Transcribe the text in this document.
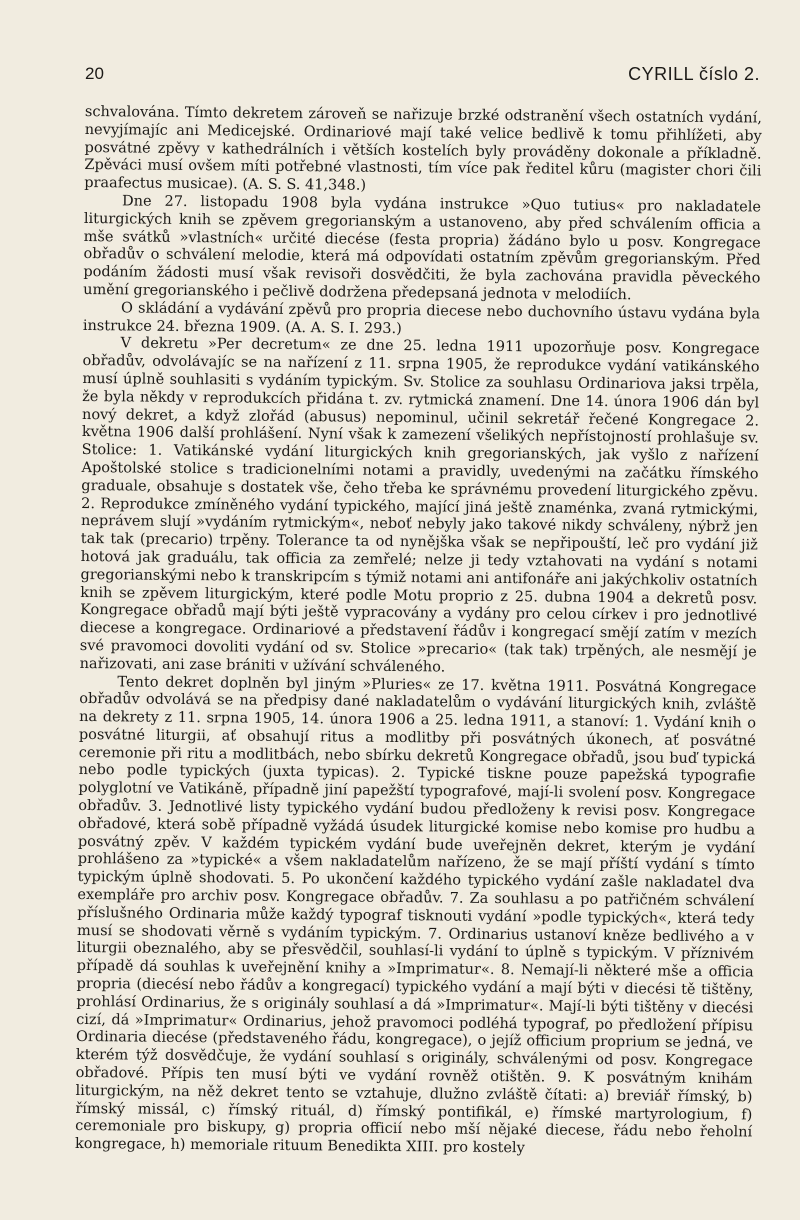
20	CYRILL číslo 2.

schvalována. Tímto dekretem zároveň se nařizuje brzké odstranění všech ostatních vydání, nevyjímajíc ani Medicejské. Ordinariové mají také velice bedlivě k tomu přihlížeti, aby posvátné zpěvy v kathedrálních i větších kostelích byly prováděny dokonale a příkladně. Zpěváci musí ovšem míti potřebné vlastnosti, tím více pak ředitel kůru (magister chori čili praafectus musicae). (A. S. S. 41,348.)

Dne 27. listopadu 1908 byla vydána instrukce »Quo tutius« pro nakladatele liturgických knih se zpěvem gregorianským a ustanoveno, aby před schválením officia a mše svátků »vlastních« určité diecése (festa propria) žádáno bylo u posv. Kongregace obřadův o schválení melodie, která má odpovídati ostatním zpěvům gregorianským. Před podáním žádosti musí však revisoři dosvědčiti, že byla zachována pravidla pěveckého umění gregorianského i pečlivě dodržena předepsaná jednota v melodiích.

O skládání a vydávání zpěvů pro propria diecese nebo duchovního ústavu vydána byla instrukce 24. března 1909. (A. A. S. I. 293.)

V dekretu »Per decretum« ze dne 25. ledna 1911 upozorňuje posv. Kongregace obřadův, odvolávajíc se na nařízení z 11. srpna 1905, že reprodukce vydání vatikánského musí úplně souhlasiti s vydáním typickým. Sv. Stolice za souhlasu Ordinariova jaksi trpěla, že byla někdy v reprodukcích přidána t. zv. rytmická znamení. Dne 14. února 1906 dán byl nový dekret, a když zlořád (abusus) nepominul, učinil sekretář řečené Kongregace 2. května 1906 další prohlášení. Nyní však k zamezení všelikých nepřístojností prohlašuje sv. Stolice: 1. Vatikánské vydání liturgických knih gregorianských, jak vyšlo z nařízení Apoštolské stolice s tradicionelními notami a pravidly, uvedenými na začátku římského graduale, obsahuje s dostatek vše, čeho třeba ke správnému provedení liturgického zpěvu. 2. Reprodukce zmíněného vydání typického, mající jiná ještě znaménka, zvaná rytmickými, neprávem slují »vydáním rytmickým«, neboť nebyly jako takové nikdy schváleny, nýbrž jen tak tak (precario) trpěny. Tolerance ta od nynějška však se nepřipouští, leč pro vydání již hotová jak graduálu, tak officia za zemřelé; nelze ji tedy vztahovati na vydání s notami gregorianskými nebo k transkripcím s týmiž notami ani antifonáře ani jakýchkoliv ostatních knih se zpěvem liturgickým, které podle Motu proprio z 25. dubna 1904 a dekretů posv. Kongregace obřadů mají býti ještě vypracovány a vydány pro celou církev i pro jednotlivé diecese a kongregace. Ordinariové a představení řádův i kongregací smějí zatím v mezích své pravomoci dovoliti vydání od sv. Stolice »precario« (tak tak) trpěných, ale nesmějí je nařizovati, ani zase brániti v užívání schváleného.

Tento dekret doplněn byl jiným »Pluries« ze 17. května 1911. Posvátná Kongregace obřadův odvolává se na předpisy dané nakladatelům o vydávání liturgických knih, zvláště na dekrety z 11. srpna 1905, 14. února 1906 a 25. ledna 1911, a stanoví: 1. Vydání knih o posvátné liturgii, ať obsahují ritus a modlitby při posvátných úkonech, ať posvátné ceremonie při ritu a modlitbách, nebo sbírku dekretů Kongregace obřadů, jsou buď typická nebo podle typických (juxta typicas). 2. Typické tiskne pouze papežská typografie polyglotní ve Vatikáně, případně jiní papežští typografové, mají-li svolení posv. Kongregace obřadův. 3. Jednotlivé listy typického vydání budou předloženy k revisi posv. Kongregace obřadové, která sobě případně vyžádá úsudek liturgické komise nebo komise pro hudbu a posvátný zpěv. V každém typickém vydání bude uveřejněn dekret, kterým je vydání prohlášeno za »typické« a všem nakladatelům nařízeno, že se mají příští vydání s tímto typickým úplně shodovati. 5. Po ukončení každého typického vydání zašle nakladatel dva exempláře pro archiv posv. Kongregace obřadův. 7. Za souhlasu a po patřičném schválení příslušného Ordinaria může každý typograf tisknouti vydání »podle typických«, která tedy musí se shodovati věrně s vydáním typickým. 7. Ordinarius ustanoví kněze bedlivého a v liturgii obeznalého, aby se přesvědčil, souhlasí-li vydání to úplně s typickým. V příznivém případě dá souhlas k uveřejnění knihy a »Imprimatur«. 8. Nemají-li některé mše a officia propria (diecésí nebo řádův a kongregací) typického vydání a mají býti v diecési tě tištěny, prohlásí Ordinarius, že s originály souhlasí a dá »Imprimatur«. Mají-li býti tištěny v diecési cizí, dá »Imprimatur« Ordinarius, jehož pravomoci podléhá typograf, po předložení přípisu Ordinaria diecése (představeného řádu, kongregace), o jejíž officium proprium se jedná, ve kterém týž dosvědčuje, že vydání souhlasí s originály, schválenými od posv. Kongregace obřadové. Přípis ten musí býti ve vydání rovněž otištěn. 9. K posvátným knihám liturgickým, na něž dekret tento se vztahuje, dlužno zvláště čítati: a) breviář římský, b) římský missál, c) římský rituál, d) římský pontifikál, e) římské martyrologium, f) ceremoniale pro biskupy, g) propria officií nebo mší nějaké diecese, řádu nebo řeholní kongregace, h) memoriale rituum Benedikta XIII. pro kostely
